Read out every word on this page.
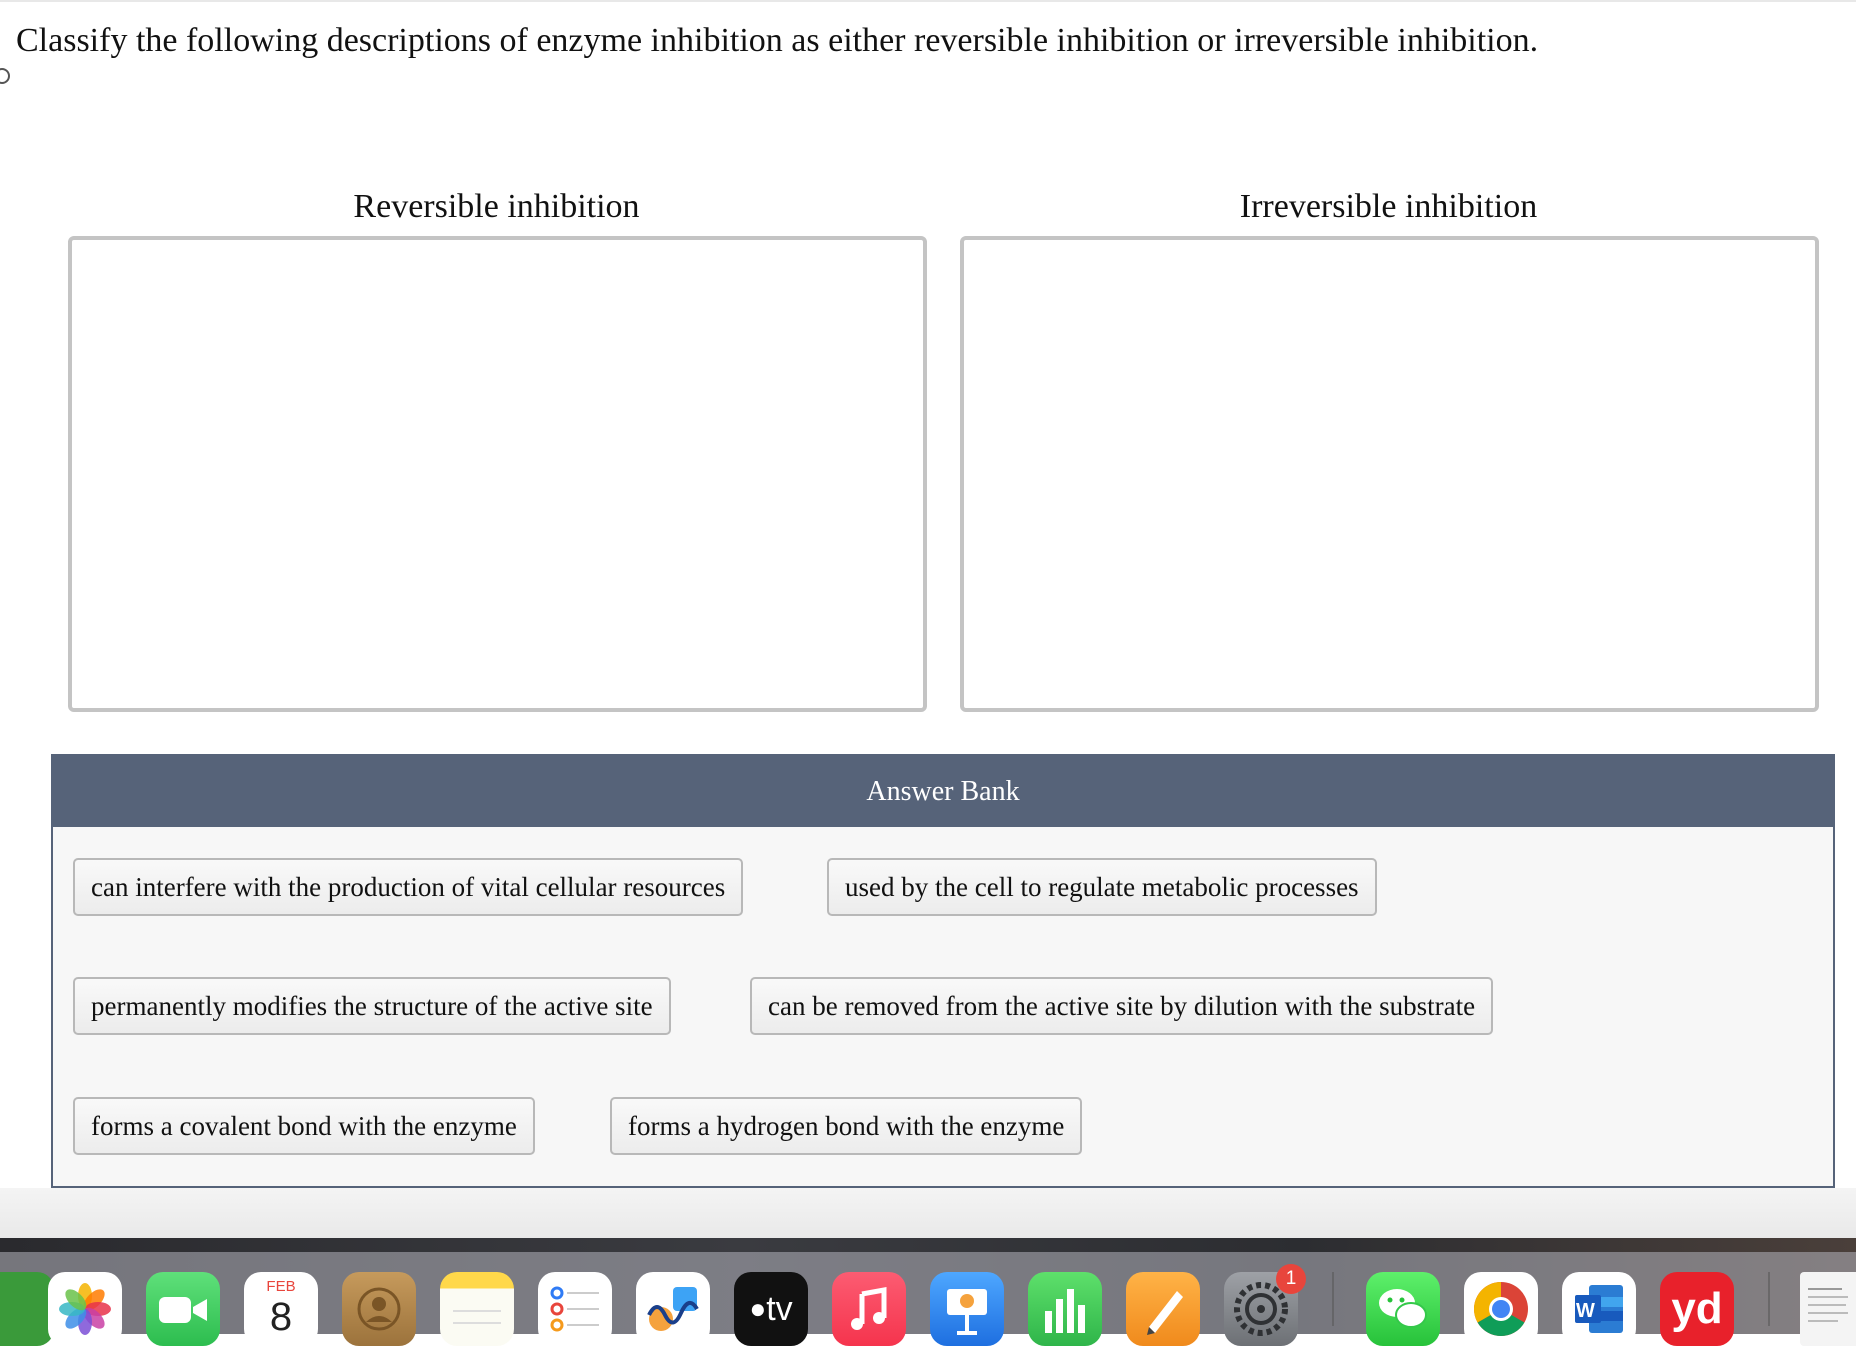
Classify the following descriptions of enzyme inhibition as either reversible inhibition or irreversible inhibition.
Reversible inhibition	Irreversible inhibition
Answer Bank
can interfere with the production of vital cellular resources	used by the cell to regulate metabolic processes
permanently modifies the structure of the active site	can be removed from the active site by dilution with the substrate
forms a covalent bond with the enzyme	forms a hydrogen bond with the enzyme
FEB
8	● tv
1
W yd
